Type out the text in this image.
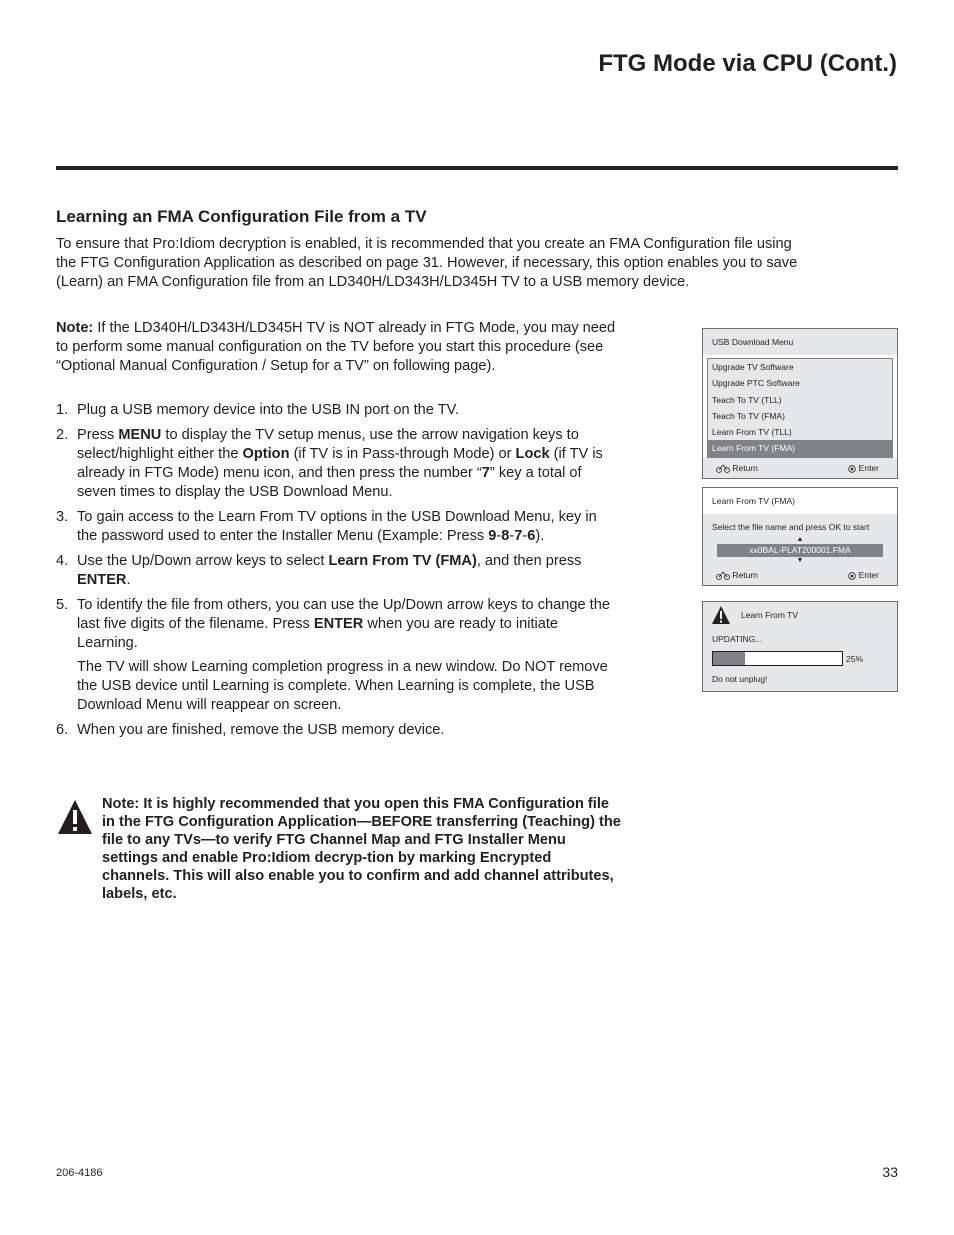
FTG Mode via CPU (Cont.)
Learning an FMA Configuration File from a TV

To ensure that Pro:Idiom decryption is enabled, it is recommended that you create an FMA Configuration file using the FTG Configuration Application as described on page 31. However, if necessary, this option enables you to save (Learn) an FMA Configuration file from an LD340H/LD343H/LD345H TV to a USB memory device.

Note: If the LD340H/LD343H/LD345H TV is NOT already in FTG Mode, you may need to perform some manual configuration on the TV before you start this procedure (see “Optional Manual Configuration / Setup for a TV” on following page).

1. Plug a USB memory device into the USB IN port on the TV.

2. Press MENU to display the TV setup menus, use the arrow navigation keys to select/highlight either the Option (if TV is in Pass-through Mode) or Lock (if TV is already in FTG Mode) menu icon, and then press the number “7” key a total of seven times to display the USB Download Menu.

3. To gain access to the Learn From TV options in the USB Download Menu, key in the password used to enter the Installer Menu (Example: Press 9-8-7-6).

4. Use the Up/Down arrow keys to select Learn From TV (FMA), and then press ENTER.

5. To identify the file from others, you can use the Up/Down arrow keys to change the last five digits of the filename. Press ENTER when you are ready to initiate Learning.

The TV will show Learning completion progress in a new window. Do NOT remove the USB device until Learning is complete. When Learning is complete, the USB Download Menu will reappear on screen.

6. When you are finished, remove the USB memory device.

Note: It is highly recommended that you open this FMA Configuration file in the FTG Configuration Application—BEFORE transferring (Teaching) the file to any TVs—to verify FTG Channel Map and FTG Installer Menu settings and enable Pro:Idiom decryp-tion by marking Encrypted channels. This will also enable you to confirm and add channel attributes, labels, etc.

USB Download Menu
Upgrade TV Software
Upgrade PTC Software
Teach To TV (TLL)
Teach To TV (FMA)
Learn From TV (TLL)
Learn From TV (FMA)
Return	Enter
Learn From TV (FMA)
Select the file name and press OK to start
▲
xx0BAL-PLAT200001.FMA
▼
Return	Enter
Learn From TV
UPDATING...
25%
Do not unplug!
206-4186	33
